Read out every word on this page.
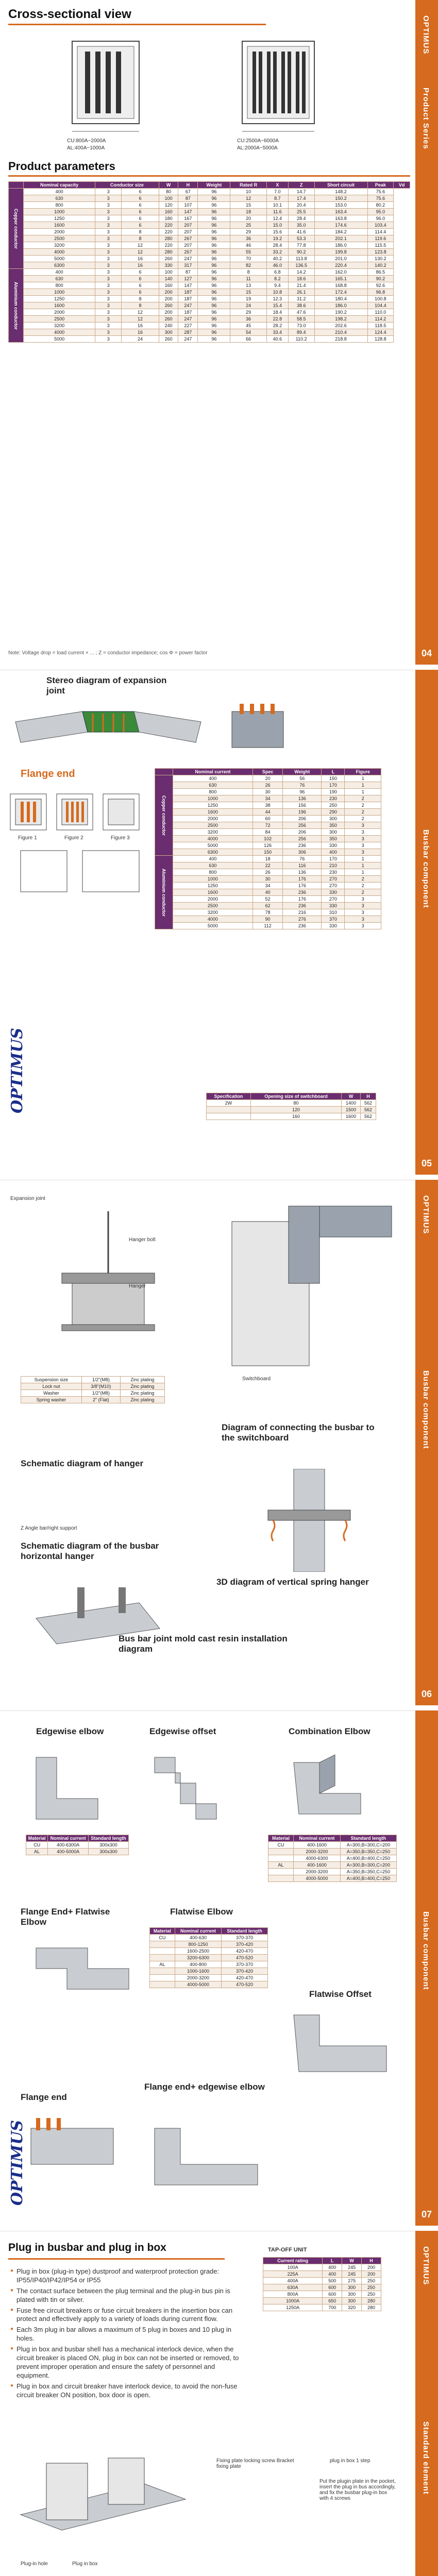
Cross-sectional view
CU:800A~2000A
AL:400A~1000A
CU:2500A~6000A
AL:2000A~5000A
Product parameters
	Nominal capacity	Conductor size		W	H	Weight	Rated R	X	Z	Short circuit	Peak	Vd
Copper conductor	400	3	6	80	67	96	10	7.0	14.7	148.2	75.6	
	630	3	6	100	87	96	12	8.7	17.4	150.2	75.6	
	800	3	6	120	107	96	15	10.1	20.4	153.0	80.2	
	1000	3	6	160	147	96	18	11.6	25.5	163.4	95.0	
	1250	3	6	180	167	96	20	12.4	28.4	163.8	96.0	
	1600	3	6	220	207	96	25	15.0	35.0	174.6	103.4	
	2000	3	8	220	207	96	29	15.6	41.6	184.2	114.4	
	2500	3	8	280	267	96	36	19.2	53.3	202.1	119.6	
	3200	3	12	220	207	96	46	28.4	77.8	186.0	115.5	
	4000	3	12	280	267	96	55	33.2	90.2	199.8	123.8	
	5000	3	16	260	247	96	70	40.2	113.8	201.0	130.2	
	6300	3	16	330	317	96	82	46.0	136.5	220.4	140.2	
Aluminium conductor	400	3	6	100	87	96	8	6.8	14.2	162.0	86.5	
	630	3	6	140	127	96	11	8.2	18.6	165.1	90.2	
	800	3	6	160	147	96	13	9.4	21.4	168.8	92.6	
	1000	3	6	200	187	96	15	10.8	26.1	172.4	96.8	
	1250	3	8	200	187	96	19	12.3	31.2	180.4	100.8	
	1600	3	8	260	247	96	24	15.4	38.6	186.0	104.4	
	2000	3	12	200	187	96	29	18.4	47.6	190.2	110.0	
	2500	3	12	260	247	96	36	22.8	58.5	198.2	114.2	
	3200	3	16	240	227	96	45	28.2	73.0	202.6	118.5	
	4000	3	16	300	287	96	54	33.4	89.4	210.4	124.4	
	5000	3	24	260	247	96	66	40.6	110.2	218.8	128.8	
Note: Voltage drop = load current × ... ; Z = conductor impedance; cos Φ = power factor
OPTIMUS
Product Series
04
Stereo diagram of expansion joint
Flange end
Figure 1	Figure 2	Figure 3
	Nominal current	Spec	Weight	L	Figure
Copper conductor	400	20	56	150	1
	630	26	76	170	1
	800	30	96	190	1
	1000	34	136	230	2
	1250	38	156	250	2
	1600	44	196	290	2
	2000	60	206	300	2
	2500	72	256	350	3
	3200	84	206	300	3
	4000	102	256	350	3
	5000	126	236	330	3
	6300	150	306	400	3
Aluminium conductor	400	18	76	170	1
	630	22	116	210	1
	800	26	136	230	1
	1000	30	176	270	2
	1250	34	176	270	2
	1600	40	236	330	2
	2000	52	176	270	3
	2500	62	236	330	3
	3200	78	216	310	3
	4000	90	276	370	3
	5000	112	236	330	3
Specification	Opening size of switchboard	W	H
2W	80	1400	562
	120	1500	562
	160	1600	562
OPTIMUS
Busbar component
05
Expansion joint
Hanger bolt
Hanger
Suspension size	1/2"(M8)	Zinc plating
Lock nut	3/8"(M10)	Zinc plating
Washer	1/2"(M8)	Zinc plating
Spring washer	2" (Flat)	Zinc plating
Schematic diagram of hanger
Z Angle bar/right support
Switchboard
Diagram of connecting the busbar to the switchboard
Schematic diagram of the busbar horizontal hanger
3D diagram of vertical spring hanger
Bus bar joint mold cast resin installation diagram
OPTIMUS
Busbar component
06
Edgewise elbow	Edgewise offset	Combination Elbow
Material	Nominal current	Standard length
CU	400-6300A	300x300
AL	400-5000A	300x300
Material	Nominal current	Standard length
CU	400-1600	A=300,B=300,C=200
	2000-3200	A=350,B=350,C=250
	4000-6300	A=400,B=400,C=250
AL	400-1600	A=300,B=300,C=200
	2000-3200	A=350,B=350,C=250
	4000-5000	A=400,B=400,C=250
Flange End+ Flatwise Elbow
Flatwise Elbow
Material	Nominal current	Standard length
CU	400-630	370-370
	800-1250	370-420
	1600-2500	420-470
	3200-6300	470-520
AL	400-800	370-370
	1000-1600	370-420
	2000-3200	420-470
	4000-5000	470-520
Flatwise Offset
Flange end
Flange end+ edgewise elbow
OPTIMUS
Busbar component
07
Plug in busbar and plug in box
● Plug in box (plug-in type) dustproof and waterproof protection grade: IP55/IP40/IP42/IP54 or IP55
● The contact surface between the plug terminal and the plug-in bus pin is plated with tin or silver.
● Fuse free circuit breakers or fuse circuit breakers in the insertion box can protect and effectively apply to a variety of loads during current flow.
● Each 3m plug in bar allows a maximum of 5 plug in boxes and 10 plug in holes.
● Plug in box and busbar shell has a mechanical interlock device, when the circuit breaker is placed ON, plug in box can not be inserted or removed, to prevent improper operation and ensure the safety of personnel and equipment.
● Plug in box and circuit breaker have interlock device, to avoid the non-fuse circuit breaker ON position, box door is open.
TAP-OFF UNIT
Current rating	L	W	H
100A	400	245	200
225A	400	245	200
400A	500	275	250
630A	600	300	250
800A	600	300	250
1000A	650	300	280
1250A	700	320	280
Plug-in hole	Plug in box
Fixing plate locking screw Bracket fixing plate
plug in box 1 step
Put the plugin plate in the pocket, insert the plug in bus accordingly, and fix the busbar plug-in box with 4 screws
OPTIMUS
Standard element
